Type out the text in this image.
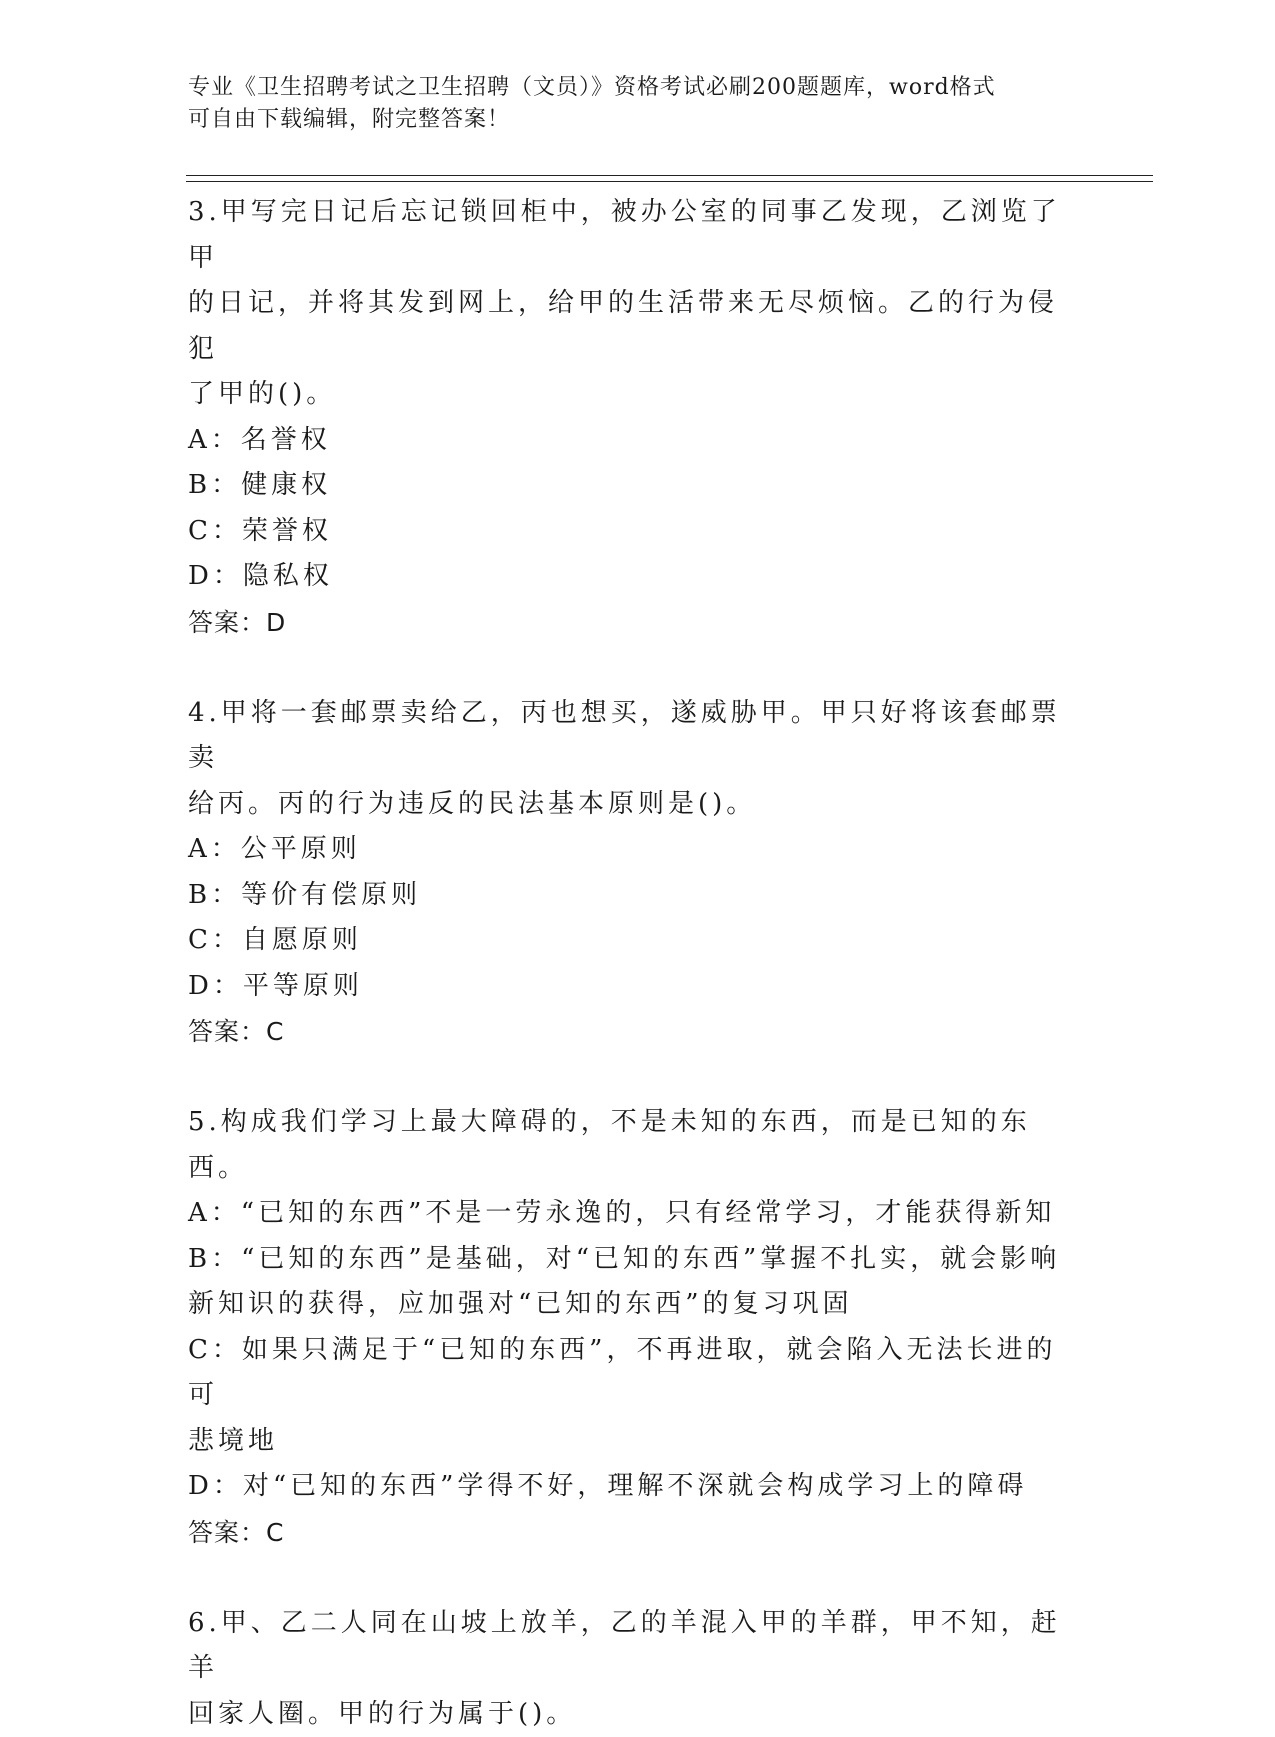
专业《卫生招聘考试之卫生招聘（文员）》资格考试必刷200题题库，word格式
可自由下载编辑，附完整答案！
3.甲写完日记后忘记锁回柜中，被办公室的同事乙发现，乙浏览了甲
的日记，并将其发到网上，给甲的生活带来无尽烦恼。乙的行为侵犯
了甲的()。
A：名誉权
B：健康权
C：荣誉权
D：隐私权
答案：D
4.甲将一套邮票卖给乙，丙也想买，遂威胁甲。甲只好将该套邮票卖
给丙。丙的行为违反的民法基本原则是()。
A：公平原则
B：等价有偿原则
C：自愿原则
D：平等原则
答案：C
5.构成我们学习上最大障碍的，不是未知的东西，而是已知的东西。
A：“已知的东西”不是一劳永逸的，只有经常学习，才能获得新知
B：“已知的东西”是基础，对“已知的东西”掌握不扎实，就会影响
新知识的获得，应加强对“已知的东西”的复习巩固
C：如果只满足于“已知的东西”，不再进取，就会陷入无法长进的可
悲境地
D：对“已知的东西”学得不好，理解不深就会构成学习上的障碍
答案：C
6.甲、乙二人同在山坡上放羊，乙的羊混入甲的羊群，甲不知，赶羊
回家人圈。甲的行为属于()。
